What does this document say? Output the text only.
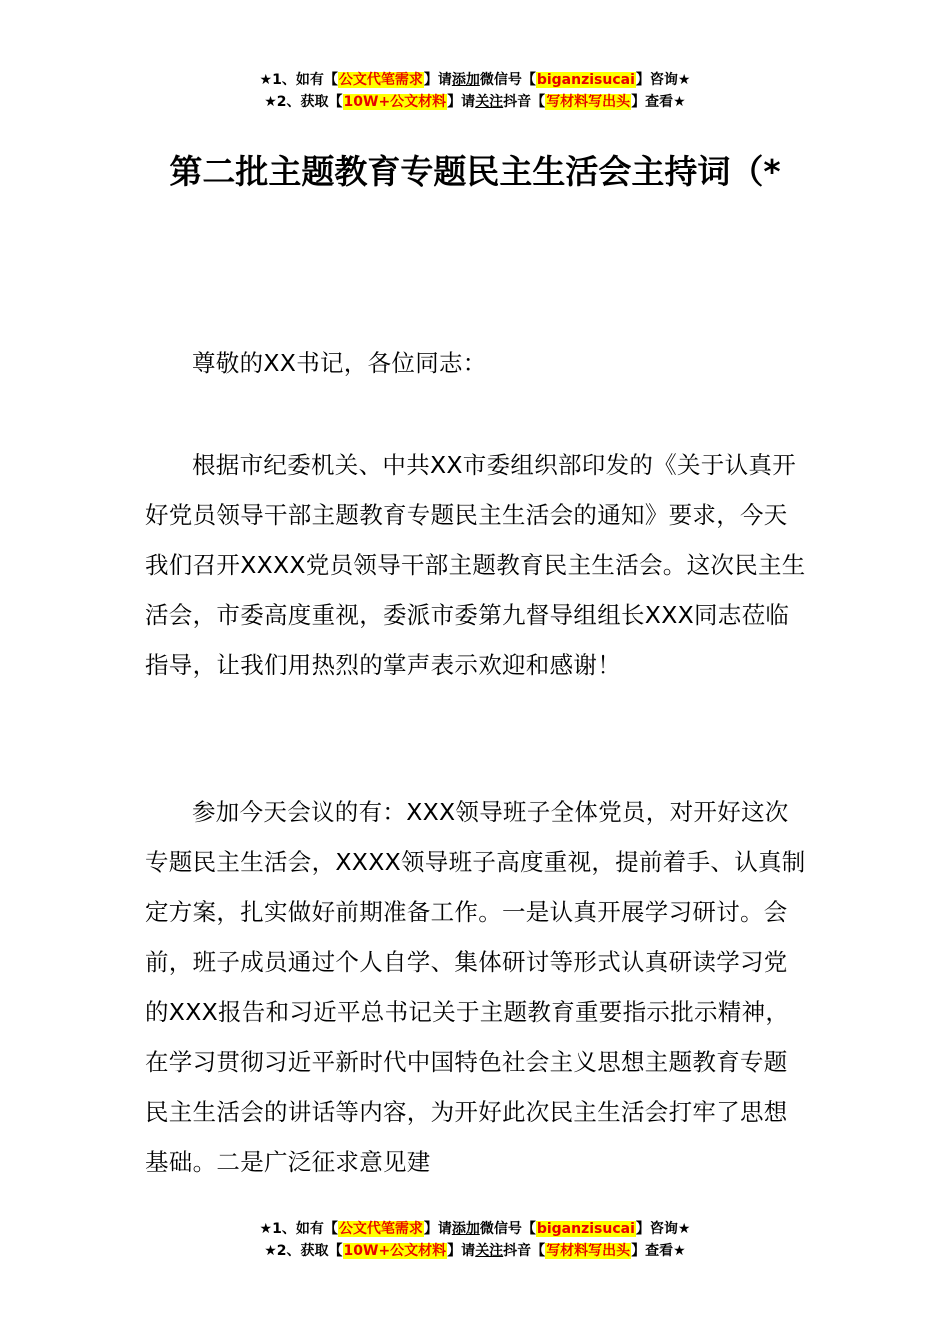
★1、如有【公文代笔需求】请添加微信号【biganzisucai】咨询★
★2、获取【10W+公文材料】请关注抖音【写材料写出头】查看★
第二批主题教育专题民主生活会主持词（*

尊敬的XX书记，各位同志：

根据市纪委机关、中共XX市委组织部印发的《关于认真开好党员领导干部主题教育专题民主生活会的通知》要求，今天我们召开XXXX党员领导干部主题教育民主生活会。这次民主生活会，市委高度重视，委派市委第九督导组组长XXX同志莅临指导，让我们用热烈的掌声表示欢迎和感谢！

参加今天会议的有：XXX领导班子全体党员，对开好这次专题民主生活会，XXXX领导班子高度重视，提前着手、认真制定方案，扎实做好前期准备工作。一是认真开展学习研讨。会前，班子成员通过个人自学、集体研讨等形式认真研读学习党的XXX报告和习近平总书记关于主题教育重要指示批示精神，在学习贯彻习近平新时代中国特色社会主义思想主题教育专题民主生活会的讲话等内容，为开好此次民主生活会打牢了思想基础。二是广泛征求意见建

★1、如有【公文代笔需求】请添加微信号【biganzisucai】咨询★
★2、获取【10W+公文材料】请关注抖音【写材料写出头】查看★
